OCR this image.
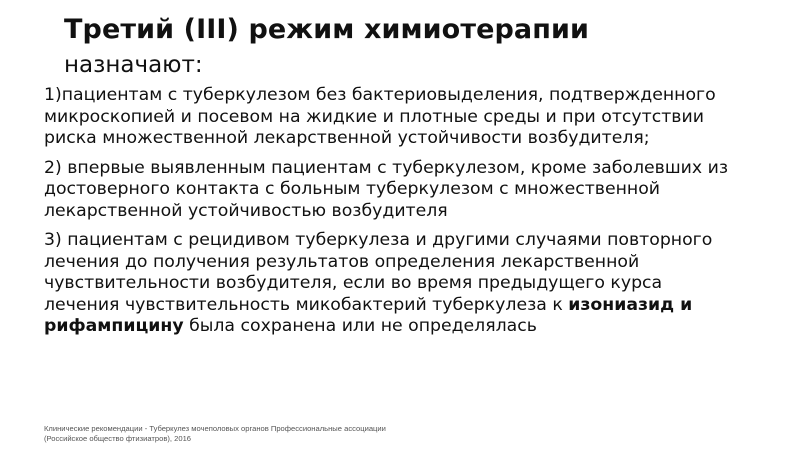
Третий (III) режим химиотерапии
назначают:
1)пациентам с туберкулезом без бактериовыделения, подтвержденного микроскопией и посевом на жидкие и плотные среды и при отсутствии риска множественной лекарственной устойчивости возбудителя;
2) впервые выявленным пациентам с туберкулезом, кроме заболевших из достоверного контакта с больным туберкулезом с множественной лекарственной устойчивостью возбудителя
3) пациентам с рецидивом туберкулеза и другими случаями повторного лечения до получения результатов определения лекарственной чувствительности возбудителя, если во время предыдущего курса лечения чувствительность микобактерий туберкулеза к изониазид и рифампицину была сохранена или не определялась
Клинические рекомендации - Туберкулез мочеполовых органов Профессиональные ассоциации
(Российское общество фтизиатров), 2016
